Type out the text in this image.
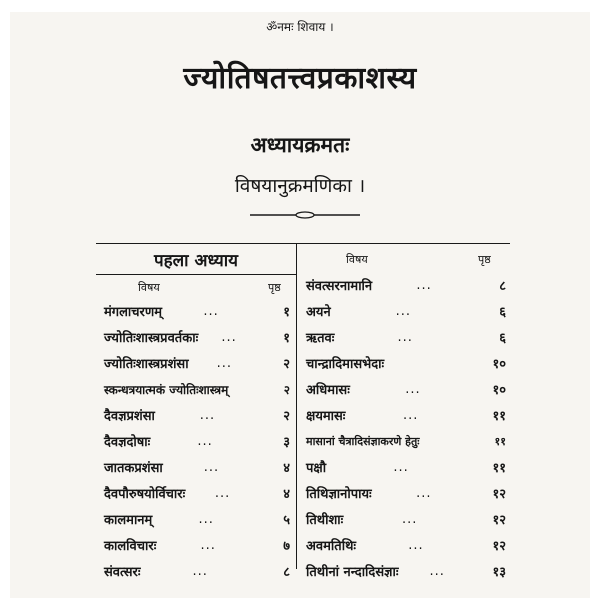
ॐनमः शिवाय ।
ज्योतिषतत्त्वप्रकाशस्य
अध्यायक्रमतः
विषयानुक्रमणिका ।
पहला अध्याय
विषय	पृष्ठ
मंगलाचरणम्	...	१
ज्योतिःशास्त्रप्रवर्तकाः	...	१
ज्योतिःशास्त्रप्रशंसा	...	२
स्कन्धत्रयात्मकं ज्योतिःशास्त्रम्	२
दैवज्ञप्रशंसा	...	२
दैवज्ञदोषाः	...	३
जातकप्रशंसा	...	४
दैवपौरुषयोर्विचारः	...	४
कालमानम्	...	५
कालविचारः	...	७
संवत्सरः	...	८
विषय	पृष्ठ
संवत्सरनामानि	...	८
अयने	...	६
ऋतवः	...	६
चान्द्रादिमासभेदाः	१०
अधिमासः	...	१०
क्षयमासः	...	११
मासानां चैत्रादिसंज्ञाकरणे हेतुः	११
पक्षौ	...	११
तिथिज्ञानोपायः	...	१२
तिथीशाः	...	१२
अवमतिथिः	...	१२
तिथीनां नन्दादिसंज्ञाः	...	१३
